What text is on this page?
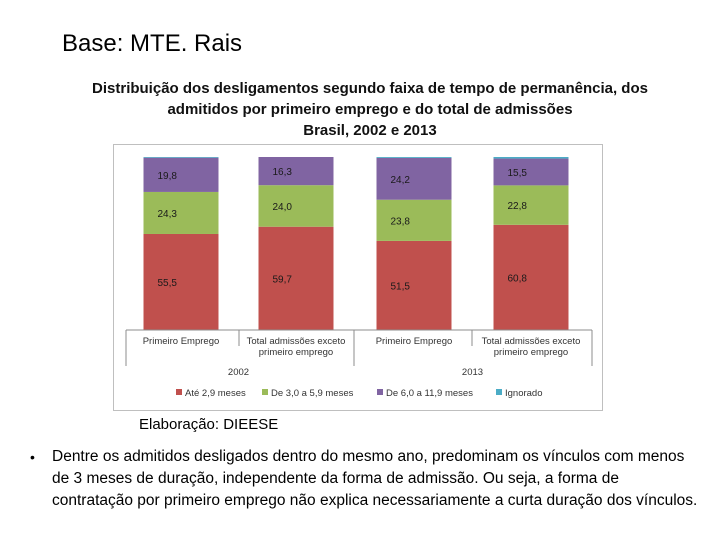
Base: MTE. Rais
Distribuição dos desligamentos segundo faixa de tempo de permanência, dos
admitidos por primeiro emprego e do total de admissões
Brasil, 2002 e 2013
55,5
24,3
19,8
59,7
24,0
16,3
51,5
23,8
24,2
60,8
22,8
15,5
Primeiro Emprego	Total admissões exceto
primeiro emprego
Primeiro Emprego	Total admissões exceto
primeiro emprego
2002	2013
Até 2,9 meses	De 3,0 a 5,9 meses	De 6,0 a 11,9 meses	Ignorado
Elaboração: DIEESE
• Dentre os admitidos desligados dentro do mesmo ano, predominam os vínculos com menos de 3 meses de duração, independente da forma de admissão. Ou seja, a forma de contratação por primeiro emprego não explica necessariamente a curta duração dos vínculos.
